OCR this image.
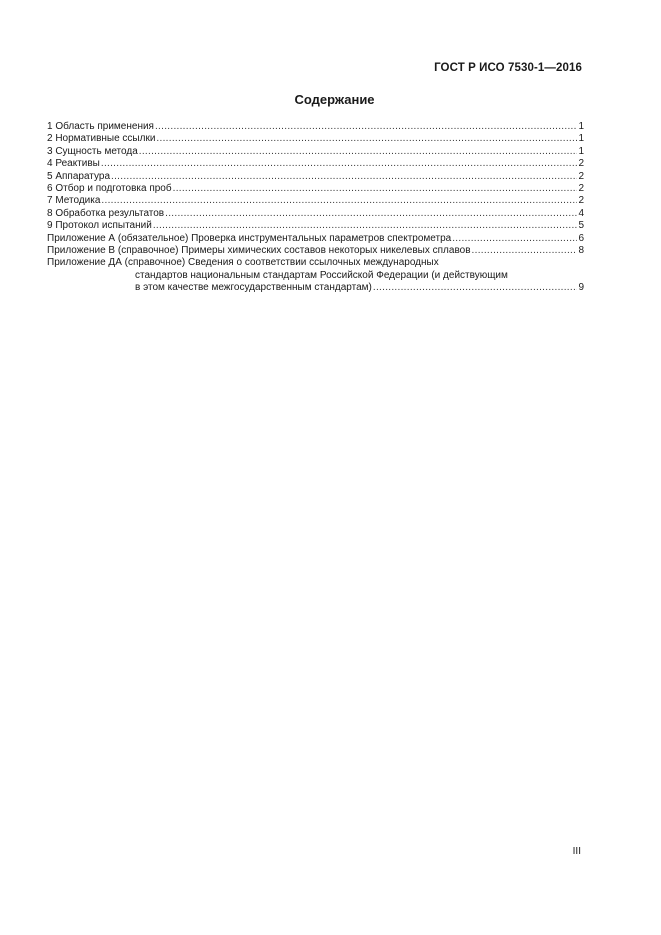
ГОСТ Р ИСО 7530-1—2016
Содержание
1 Область применения .....	1
2 Нормативные ссылки .....	1
3 Сущность метода .....	1
4 Реактивы .....	2
5 Аппаратура .....	2
6 Отбор и подготовка проб .....	2
7 Методика .....	2
8 Обработка результатов .....	4
9 Протокол испытаний .....	5
Приложение А (обязательное) Проверка инструментальных параметров спектрометра .....	6
Приложение В (справочное) Примеры химических составов некоторых никелевых сплавов .....	8
Приложение ДА (справочное) Сведения о соответствии ссылочных международных
стандартов национальным стандартам Российской Федерации (и действующим
в этом качестве межгосударственным стандартам) .....	9
III
